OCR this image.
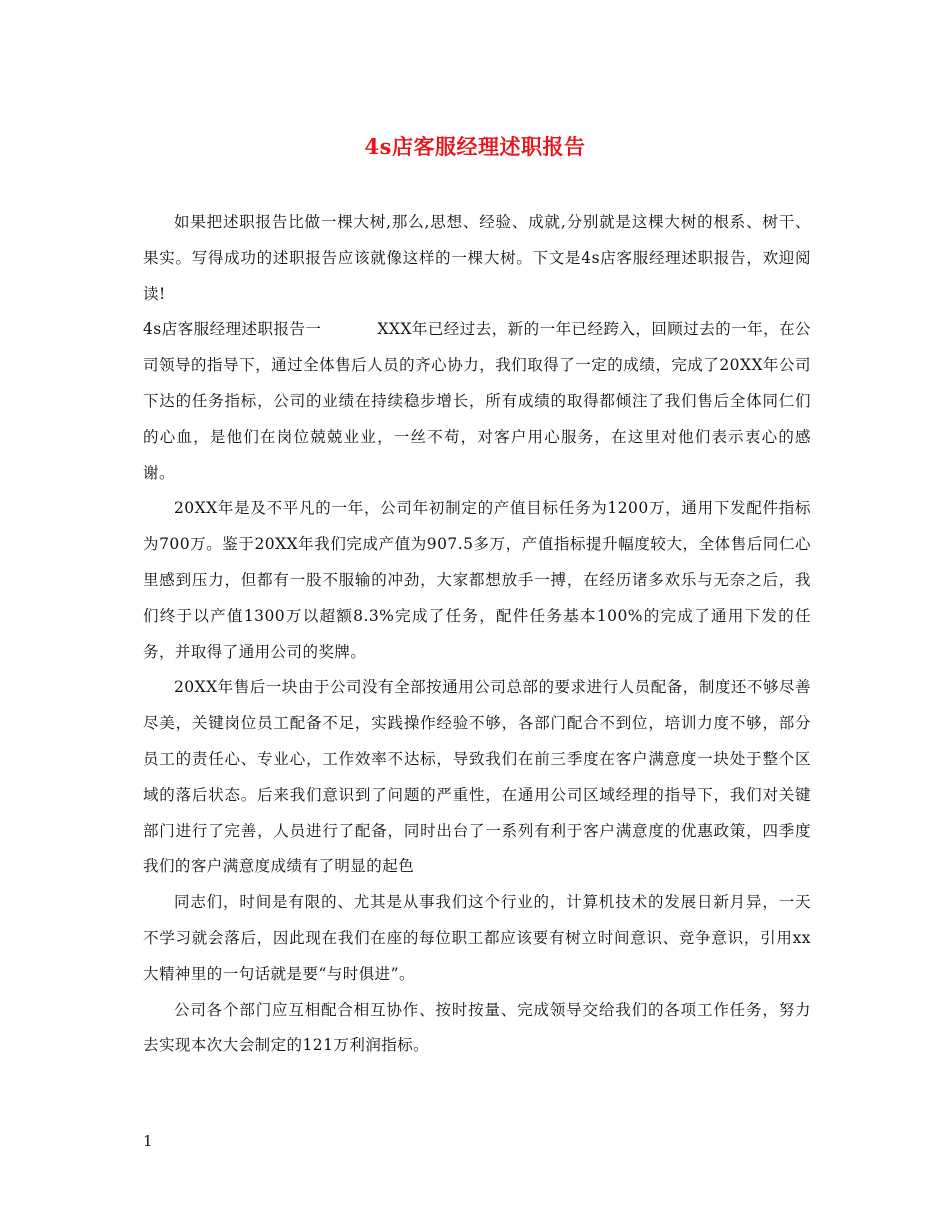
4s店客服经理述职报告

如果把述职报告比做一棵大树,那么,思想、经验、成就,分别就是这棵大树的根系、树干、果实。写得成功的述职报告应该就像这样的一棵大树。下文是4s店客服经理述职报告，欢迎阅读!

4s店客服经理述职报告一	XXX年已经过去，新的一年已经跨入，回顾过去的一年，在公司领导的指导下，通过全体售后人员的齐心协力，我们取得了一定的成绩，完成了20XX年公司下达的任务指标，公司的业绩在持续稳步增长，所有成绩的取得都倾注了我们售后全体同仁们的心血，是他们在岗位兢兢业业，一丝不苟，对客户用心服务，在这里对他们表示衷心的感谢。

20XX年是及不平凡的一年，公司年初制定的产值目标任务为1200万，通用下发配件指标为700万。鉴于20XX年我们完成产值为907.5多万，产值指标提升幅度较大，全体售后同仁心里感到压力，但都有一股不服输的冲劲，大家都想放手一搏，在经历诸多欢乐与无奈之后，我们终于以产值1300万以超额8.3%完成了任务，配件任务基本100%的完成了通用下发的任务，并取得了通用公司的奖牌。

20XX年售后一块由于公司没有全部按通用公司总部的要求进行人员配备，制度还不够尽善尽美，关键岗位员工配备不足，实践操作经验不够，各部门配合不到位，培训力度不够，部分员工的责任心、专业心，工作效率不达标，导致我们在前三季度在客户满意度一块处于整个区域的落后状态。后来我们意识到了问题的严重性，在通用公司区域经理的指导下，我们对关键部门进行了完善，人员进行了配备，同时出台了一系列有利于客户满意度的优惠政策，四季度我们的客户满意度成绩有了明显的起色

同志们，时间是有限的、尤其是从事我们这个行业的，计算机技术的发展日新月异，一天不学习就会落后，因此现在我们在座的每位职工都应该要有树立时间意识、竞争意识，引用xx大精神里的一句话就是要“与时俱进”。

公司各个部门应互相配合相互协作、按时按量、完成领导交给我们的各项工作任务，努力去实现本次大会制定的121万利润指标。

1
